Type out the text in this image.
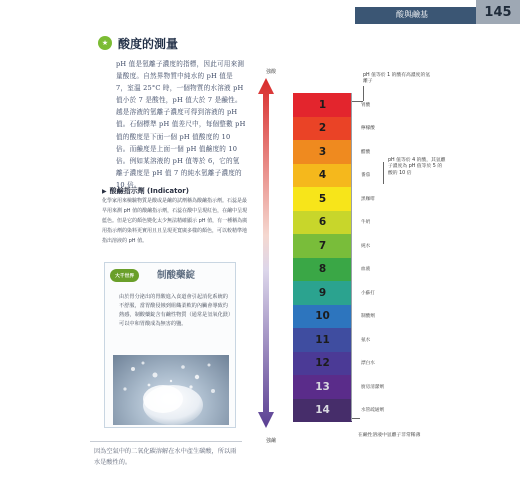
酸與鹼基	145
★ 酸度的測量
pH 值是氫離子濃度的指標，因此可用來測量酸度。自然界物質中純水的 pH 值是 7，室溫 25°C 時，一個物質的水溶液 pH 值小於 7 是酸性，pH 值大於 7 是鹼性。越是溶液的氫離子濃度可得到溶液的 pH 值。石個標準 pH 值差尺中，每個整數 pH 值的酸度是下面一個 pH 值酸度的 10 倍。而鹼度是上面一個 pH 值鹼度的 10 倍。例如某溶液的 pH 值等於 6，它的氫離子濃度是 pH 值 7 的純水氫離子濃度的 10 倍。
▶ 酸鹼指示劑 (Indicator)
化學家用來檢驗物質是酸或是鹼的試劑稱為酸鹼指示劑。石蕊是最早用來測 pH 值的酸鹼指示劑，石蕊在酸中呈現紅色，在鹼中呈現藍色。但是它的顏色變化太少無法精確顯示 pH 值，有一種稱為廣用指示劑的染料更實用且且呈現更寬廣多樣的顏色，可以較精準地指出溶液的 pH 值。
大千世界	制酸藥錠
由於胃分泌出的胃酸進入食道會引起消化系統的不舒服，當胃酸侵蝕到組織柔軟的內臟會導致灼熱感，制酸藥錠含有鹼性物質（通常是氫氧化鎂）可以中和胃酸成為無害的鹽。
因為空氣中的二氧化碳溶解在水中產生碳酸，所以雨水是酸性的。
強酸
強鹼
1
2
3
4
5
6
7
8
9
10
11
12
13
14
胃酸
檸檬酸
醋酸
番茄
黑咖啡
牛奶
純水
血液
小蘇打
制酸劑
氨水
漂白水
廚房清潔劑
水管疏通劑
pH 值等於 1 的酸有高濃度的氫離子
pH 值等於 4 的酸，其氫離子濃度為 pH 值等於 5 的酸的 10 倍
在鹼性溶液中氫離子非常稀薄
